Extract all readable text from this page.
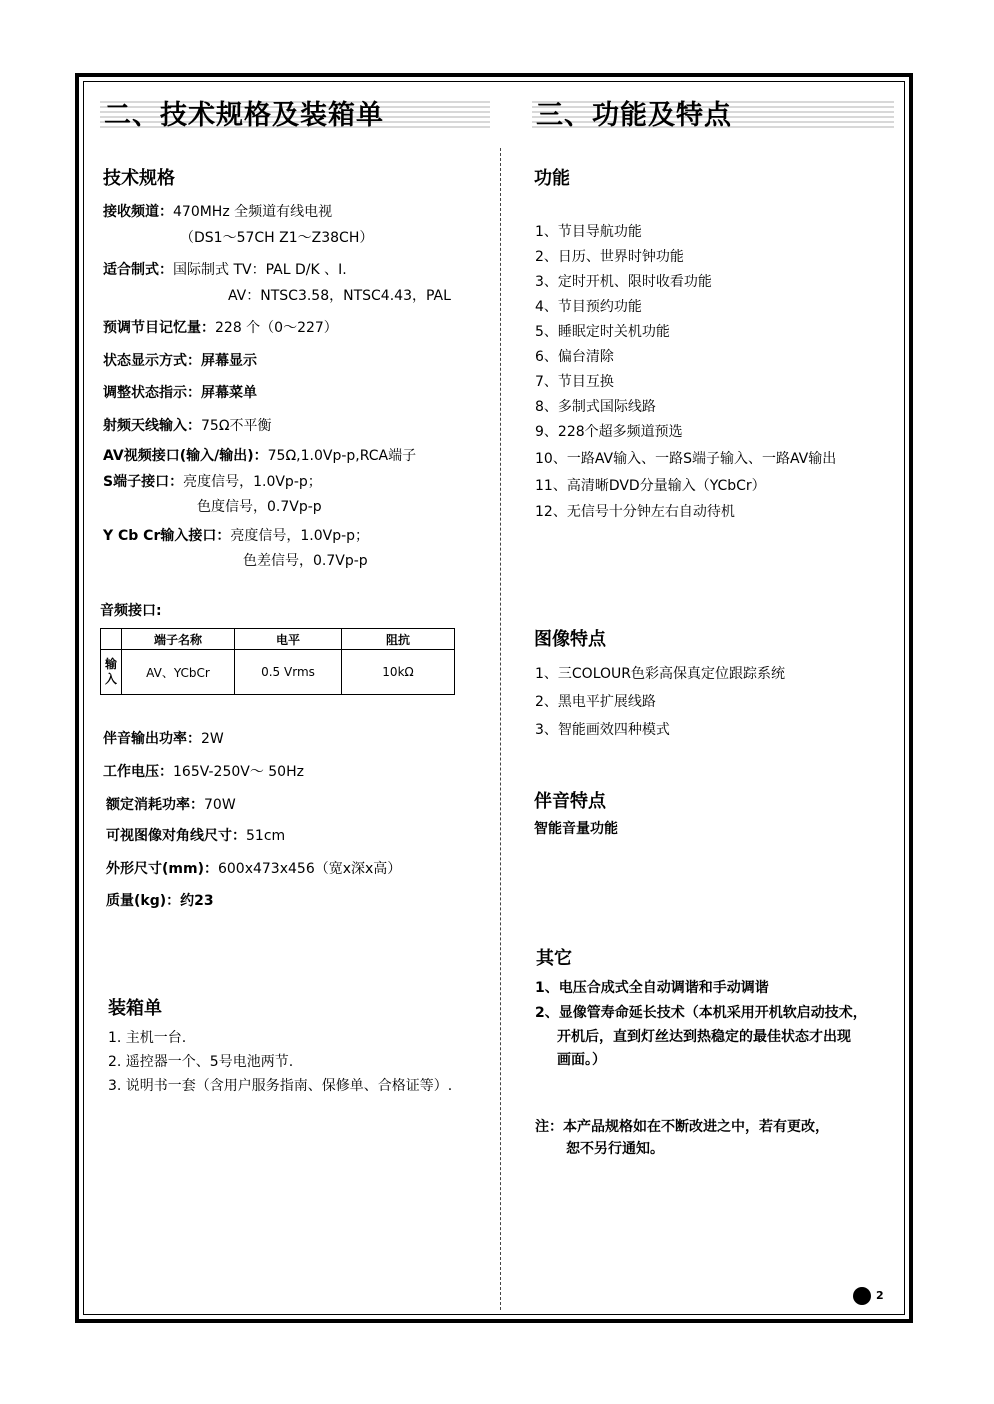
二、技术规格及装箱单
技术规格
接收频道：470MHz 全频道有线电视
（DS1～57CH Z1～Z38CH）
适合制式：国际制式 TV：PAL D/K 、I.
AV：NTSC3.58，NTSC4.43，PAL
预调节目记忆量：228 个（0～227）
状态显示方式：屏幕显示
调整状态指示：屏幕菜单
射频天线输入：75Ω不平衡
AV视频接口(输入/输出)：75Ω,1.0Vp-p,RCA端子
S端子接口：亮度信号，1.0Vp-p；
色度信号，0.7Vp-p
Y Cb Cr输入接口：亮度信号，1.0Vp-p；
色差信号，0.7Vp-p
音频接口:
	端子名称	电平	阻抗
输入	AV、YCbCr	0.5 Vrms	10kΩ
伴音输出功率：2W
工作电压：165V-250V～ 50Hz
额定消耗功率：70W
可视图像对角线尺寸：51cm
外形尺寸(mm)：600x473x456（宽x深x高）
质量(kg)：约23
装箱单
1. 主机一台.
2. 遥控器一个、5号电池两节.
3. 说明书一套（含用户服务指南、保修单、合格证等）.
三、功能及特点
功能
1、节目导航功能
2、日历、世界时钟功能
3、定时开机、限时收看功能
4、节目预约功能
5、睡眠定时关机功能
6、偏台清除
7、节目互换
8、多制式国际线路
9、228个超多频道预选
10、一路AV输入、一路S端子输入、一路AV输出
11、高清晰DVD分量输入（YCbCr）
12、无信号十分钟左右自动待机
图像特点
1、三COLOUR色彩高保真定位跟踪系统
2、黑电平扩展线路
3、智能画效四种模式
伴音特点
智能音量功能
其它
1、电压合成式全自动调谐和手动调谐
2、显像管寿命延长技术（本机采用开机软启动技术，
开机后，直到灯丝达到热稳定的最佳状态才出现
画面。）
注：本产品规格如在不断改进之中，若有更改，
恕不另行通知。
Page 2
